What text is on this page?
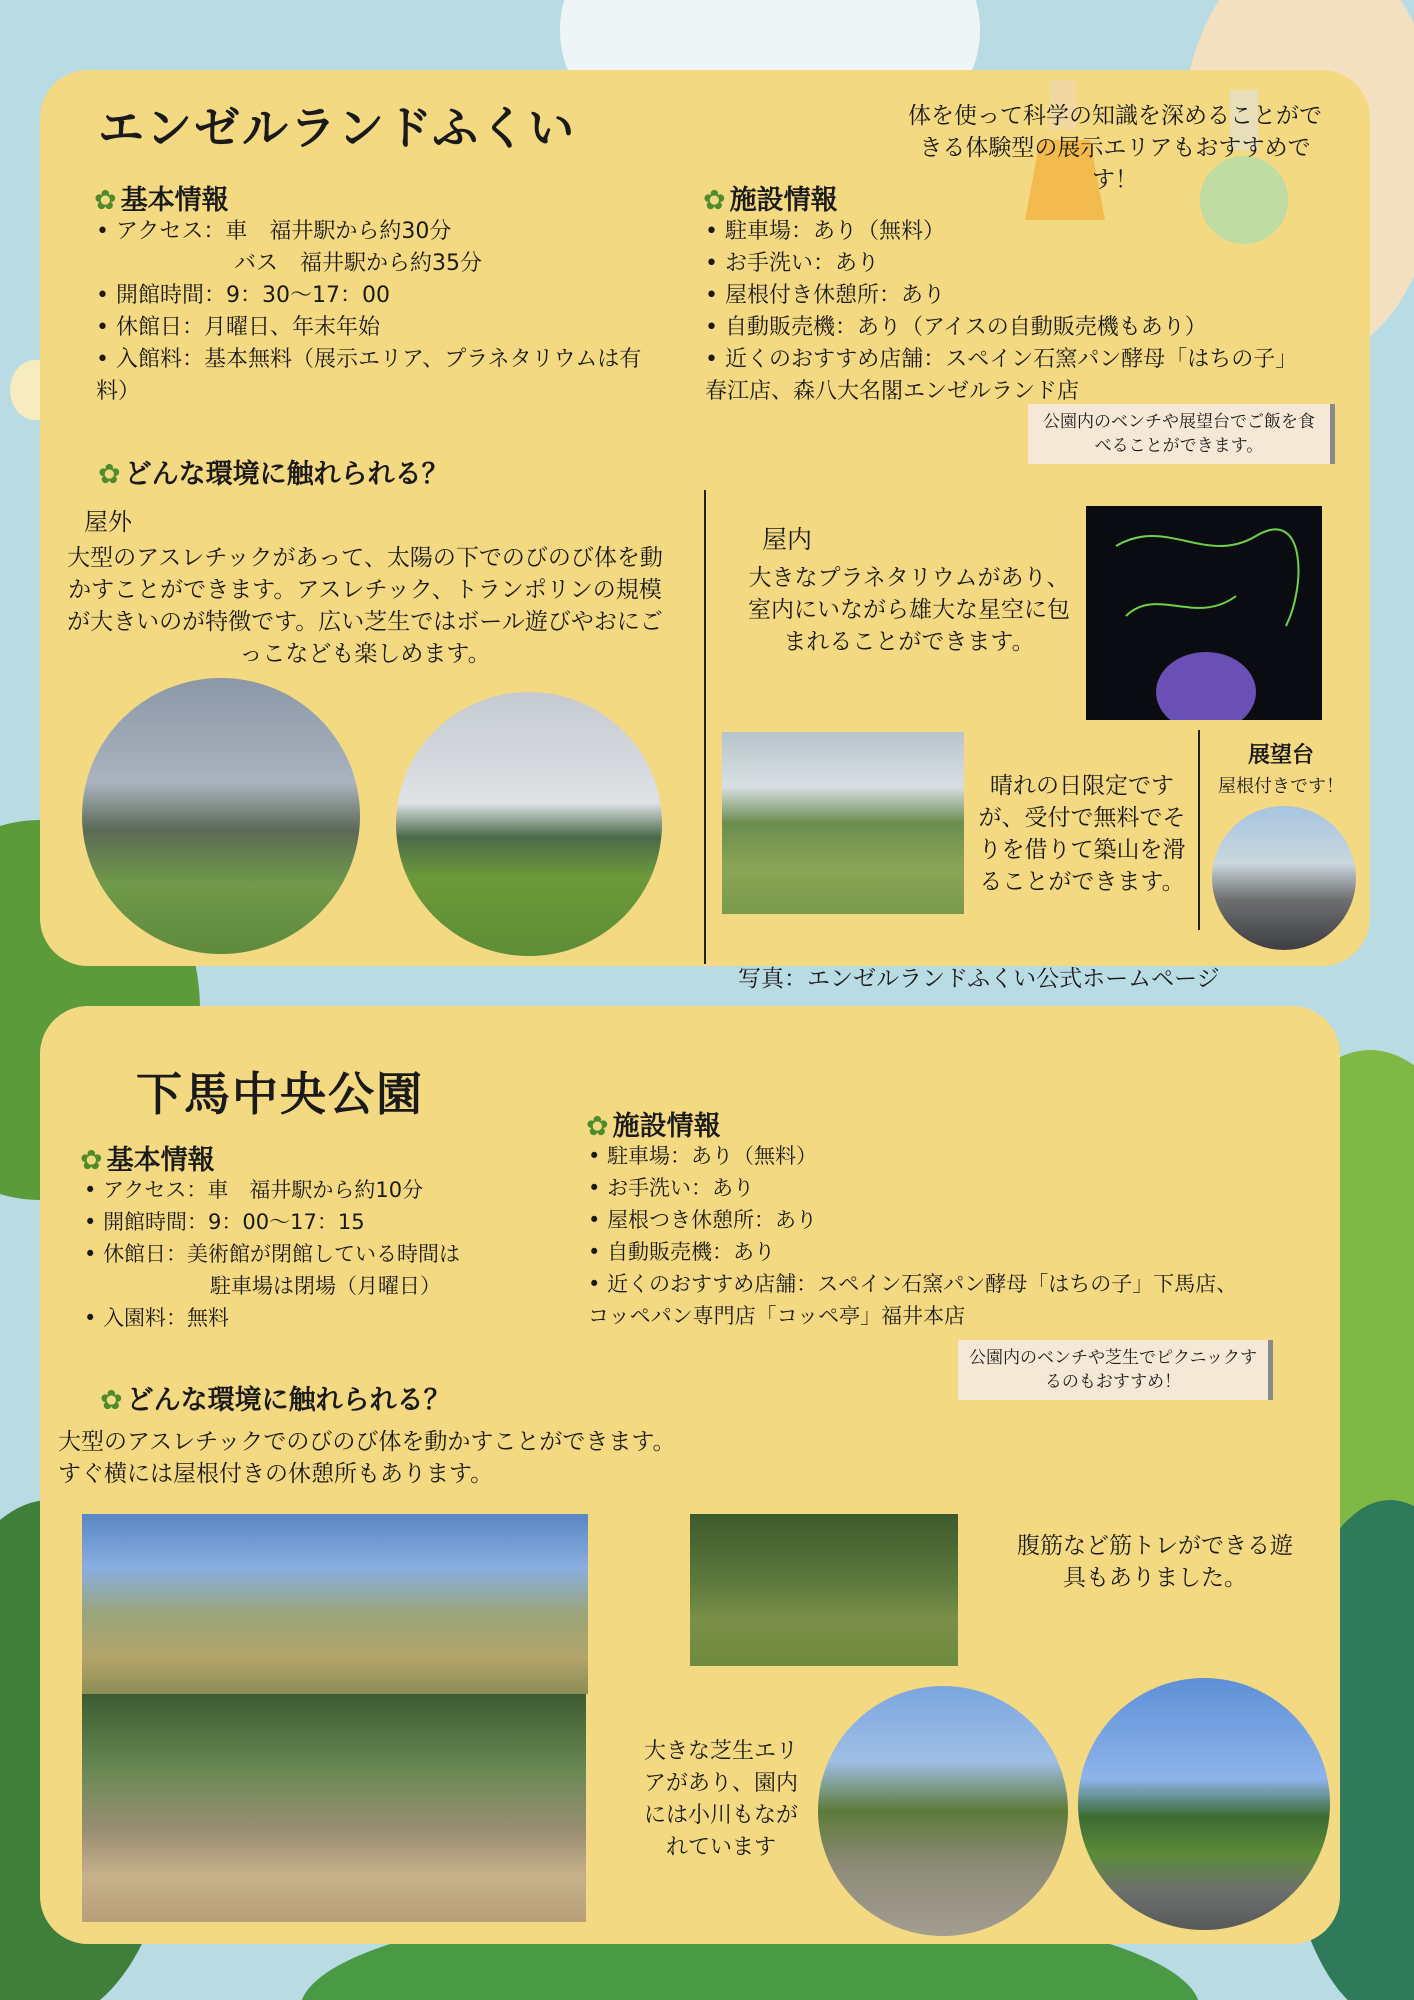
エンゼルランドふくい	体を使って科学の知識を深めることができる体験型の展示エリアもおすすめです！
✿ 基本情報
• アクセス：車　福井駅から約30分
バス　福井駅から約35分
• 開館時間：9：30～17：00
• 休館日：月曜日、年末年始
• 入館料：基本無料（展示エリア、プラネタリウムは有料）
✿ 施設情報
• 駐車場：あり（無料）
• お手洗い：あり
• 屋根付き休憩所：あり
• 自動販売機：あり（アイスの自動販売機もあり）
• 近くのおすすめ店舗：スペイン石窯パン酵母「はちの子」春江店、森八大名閣エンゼルランド店
公園内のベンチや展望台でご飯を食べることができます。
✿ どんな環境に触れられる？
屋外
大型のアスレチックがあって、太陽の下でのびのび体を動かすことができます。アスレチック、トランポリンの規模が大きいのが特徴です。広い芝生ではボール遊びやおにごっこなども楽しめます。
屋内
大きなプラネタリウムがあり、室内にいながら雄大な星空に包まれることができます。
晴れの日限定ですが、受付で無料でそりを借りて築山を滑ることができます。
展望台
屋根付きです！
写真：エンゼルランドふくい公式ホームページ
下馬中央公園
✿ 基本情報
• アクセス：車　福井駅から約10分
• 開館時間：9：00～17：15
• 休館日：美術館が閉館している時間は
駐車場は閉場（月曜日）
• 入園料：無料
✿ 施設情報
• 駐車場：あり（無料）
• お手洗い：あり
• 屋根つき休憩所：あり
• 自動販売機：あり
• 近くのおすすめ店舗：スペイン石窯パン酵母「はちの子」下馬店、コッペパン専門店「コッペ亭」福井本店
公園内のベンチや芝生でピクニックするのもおすすめ！
✿ どんな環境に触れられる？
大型のアスレチックでのびのび体を動かすことができます。
すぐ横には屋根付きの休憩所もあります。
腹筋など筋トレができる遊具もありました。
大きな芝生エリアがあり、園内には小川もながれています
